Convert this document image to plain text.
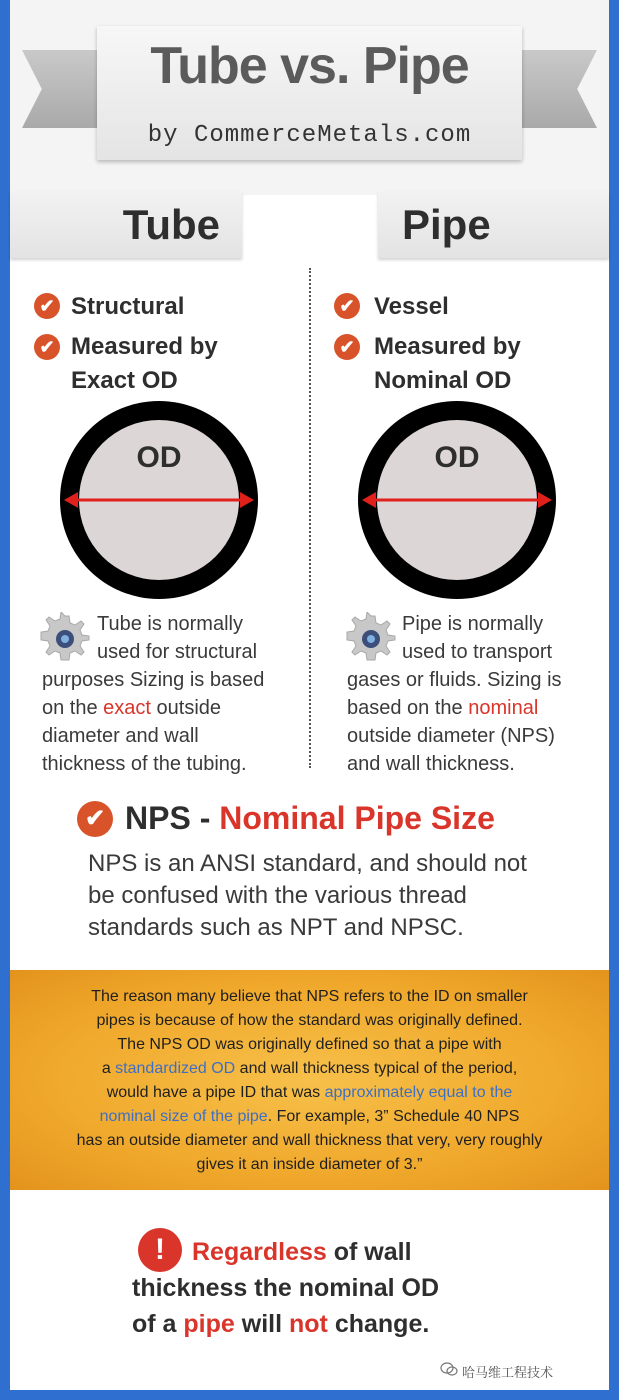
Tube vs. Pipe
by CommerceMetals.com
Tube	Pipe
✔ Structural
✔ Measured by
Exact OD
✔ Vessel
✔ Measured by
Nominal OD
OD	OD
Tube is normally
used for structural
purposes Sizing is based
on the exact outside
diameter and wall
thickness of the tubing.
Pipe is normally
used to transport
gases or fluids. Sizing is
based on the nominal
outside diameter (NPS)
and wall thickness.
✔ NPS - Nominal Pipe Size
NPS is an ANSI standard, and should not be confused with the various thread standards such as NPT and NPSC.
The reason many believe that NPS refers to the ID on smaller
pipes is because of how the standard was originally defined.
The NPS OD was originally defined so that a pipe with
a standardized OD and wall thickness typical of the period,
would have a pipe ID that was approximately equal to the
nominal size of the pipe. For example, 3” Schedule 40 NPS
has an outside diameter and wall thickness that very, very roughly
gives it an inside diameter of 3.”
!	Regardless of wall
thickness the nominal OD
of a pipe will not change.
哈马维工程技术
